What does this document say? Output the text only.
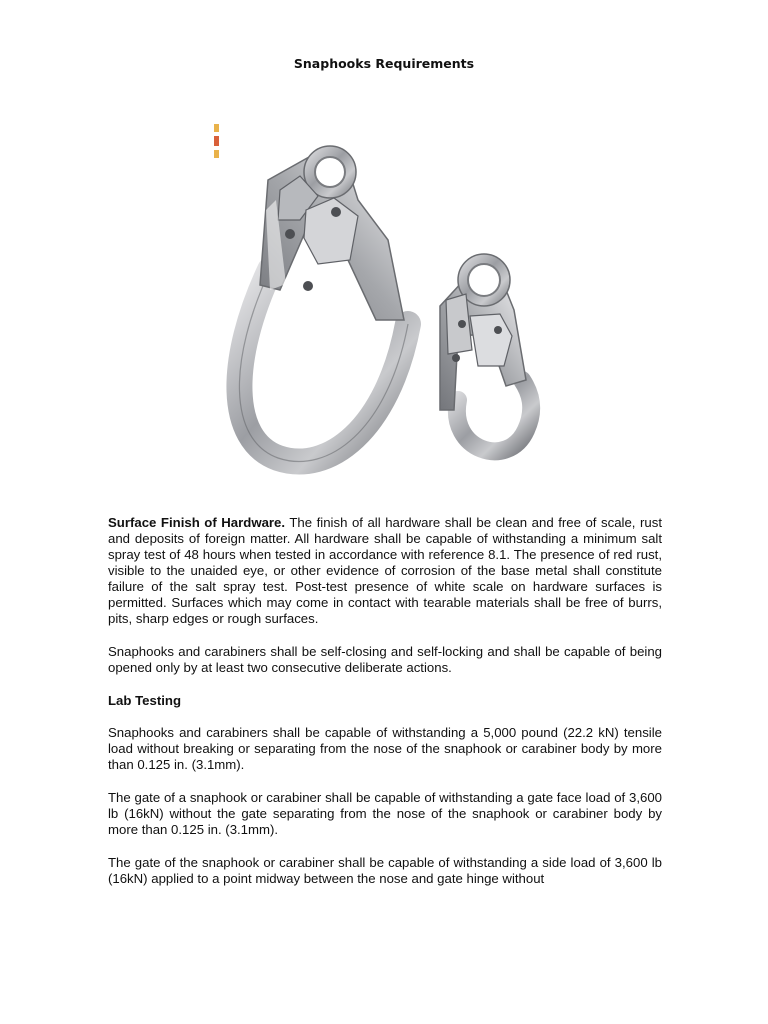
Snaphooks Requirements

Surface Finish of Hardware. The finish of all hardware shall be clean and free of scale, rust and deposits of foreign matter. All hardware shall be capable of withstanding a minimum salt spray test of 48 hours when tested in accordance with reference 8.1. The presence of red rust, visible to the unaided eye, or other evidence of corrosion of the base metal shall constitute failure of the salt spray test. Post-test presence of white scale on hardware surfaces is permitted. Surfaces which may come in contact with tearable materials shall be free of burrs, pits, sharp edges or rough surfaces.

Snaphooks and carabiners shall be self-closing and self-locking and shall be capable of being opened only by at least two consecutive deliberate actions.

Lab Testing

Snaphooks and carabiners shall be capable of withstanding a 5,000 pound (22.2 kN) tensile load without breaking or separating from the nose of the snaphook or carabiner body by more than 0.125 in. (3.1mm).

The gate of a snaphook or carabiner shall be capable of withstanding a gate face load of 3,600 lb (16kN) without the gate separating from the nose of the snaphook or carabiner body by more than 0.125 in. (3.1mm).

The gate of the snaphook or carabiner shall be capable of withstanding a side load of 3,600 lb (16kN) applied to a point midway between the nose and gate hinge without
